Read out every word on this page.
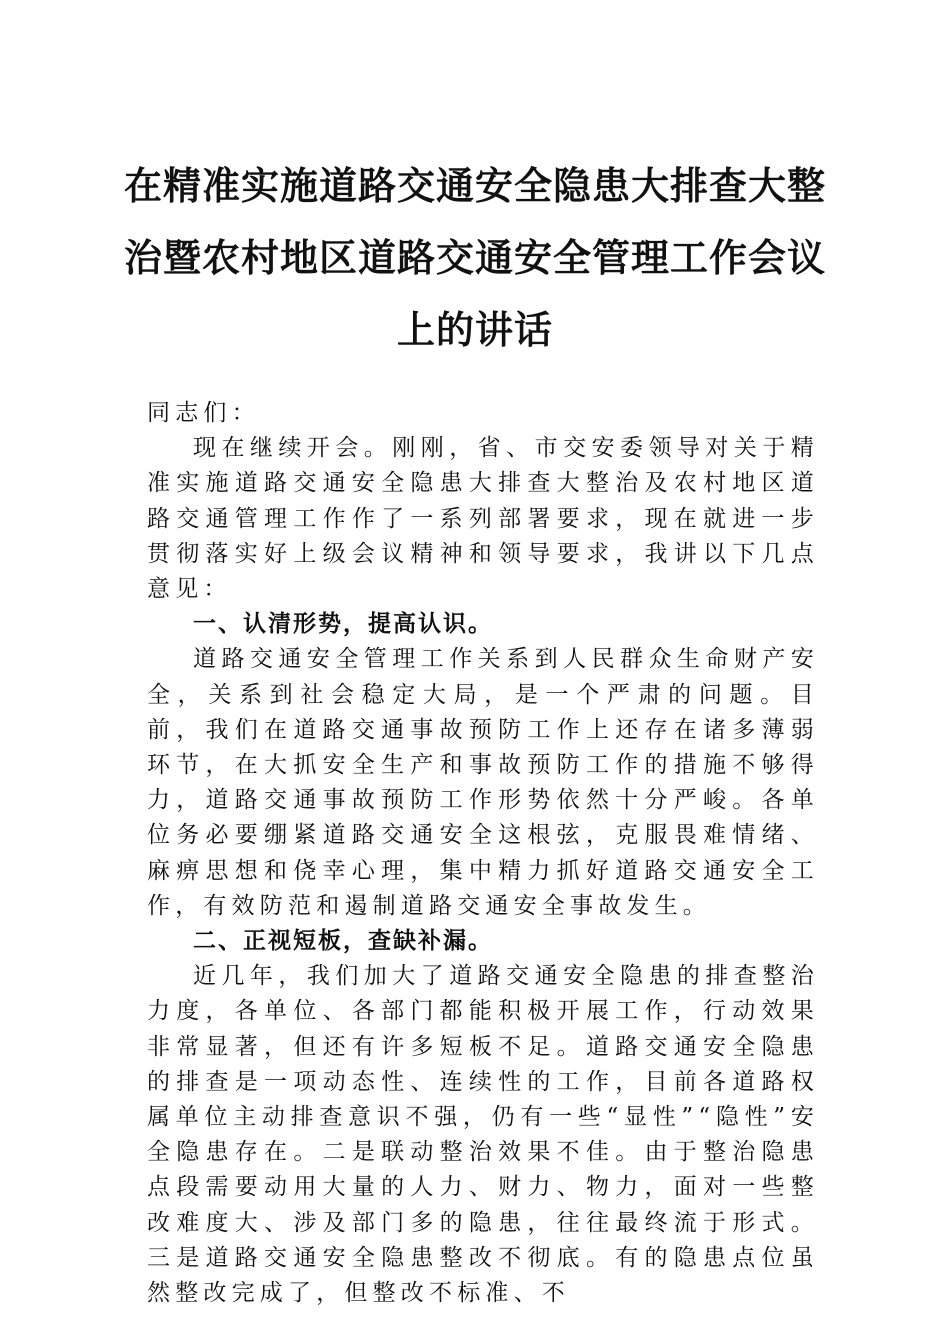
在精准实施道路交通安全隐患大排查大整
治暨农村地区道路交通安全管理工作会议
上的讲话

同志们：

现在继续开会。刚刚，省、市交安委领导对关于精准实施道路交通安全隐患大排查大整治及农村地区道路交通管理工作作了一系列部署要求，现在就进一步贯彻落实好上级会议精神和领导要求，我讲以下几点意见：

一、认清形势，提高认识。

道路交通安全管理工作关系到人民群众生命财产安全，关系到社会稳定大局，是一个严肃的问题。目前，我们在道路交通事故预防工作上还存在诸多薄弱环节，在大抓安全生产和事故预防工作的措施不够得力，道路交通事故预防工作形势依然十分严峻。各单位务必要绷紧道路交通安全这根弦，克服畏难情绪、麻痹思想和侥幸心理，集中精力抓好道路交通安全工作，有效防范和遏制道路交通安全事故发生。

二、正视短板，查缺补漏。

近几年，我们加大了道路交通安全隐患的排查整治力度，各单位、各部门都能积极开展工作，行动效果非常显著，但还有许多短板不足。道路交通安全隐患的排查是一项动态性、连续性的工作，目前各道路权属单位主动排查意识不强，仍有一些“显性”“隐性”安全隐患存在。二是联动整治效果不佳。由于整治隐患点段需要动用大量的人力、财力、物力，面对一些整改难度大、涉及部门多的隐患，往往最终流于形式。三是道路交通安全隐患整改不彻底。有的隐患点位虽然整改完成了，但整改不标准、不
